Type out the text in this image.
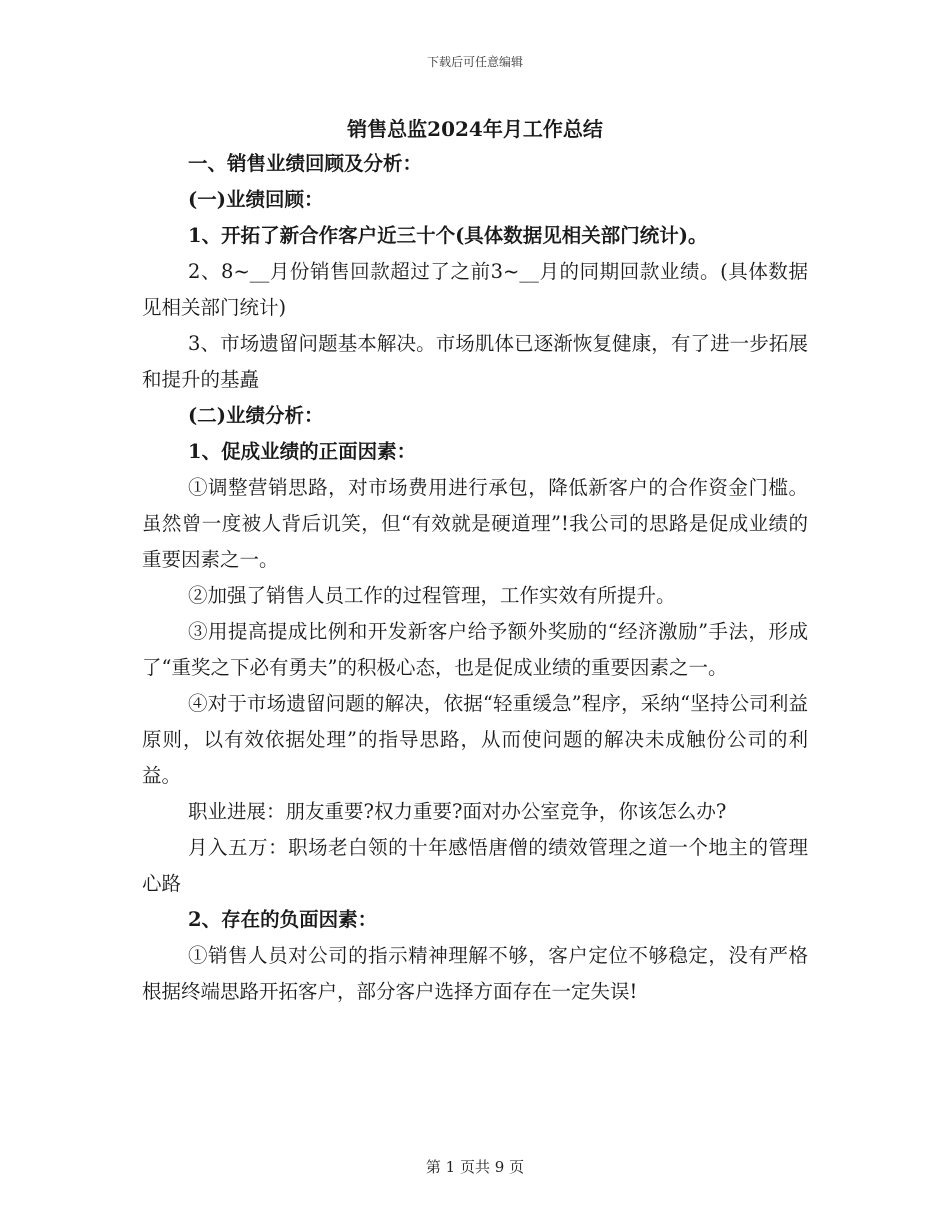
下载后可任意编辑
销售总监2024年月工作总结
一、销售业绩回顾及分析：
(一)业绩回顾：
1、开拓了新合作客户近三十个(具体数据见相关部门统计)。
2、8~__月份销售回款超过了之前3~__月的同期回款业绩。(具体数据见相关部门统计)
3、市场遗留问题基本解决。市场肌体已逐渐恢复健康，有了进一步拓展和提升的基矗
(二)业绩分析：
1、促成业绩的正面因素：
①调整营销思路，对市场费用进行承包，降低新客户的合作资金门槛。虽然曾一度被人背后讥笑，但“有效就是硬道理”!我公司的思路是促成业绩的重要因素之一。
②加强了销售人员工作的过程管理，工作实效有所提升。
③用提高提成比例和开发新客户给予额外奖励的“经济激励”手法，形成了“重奖之下必有勇夫”的积极心态，也是促成业绩的重要因素之一。
④对于市场遗留问题的解决，依据“轻重缓急”程序，采纳“坚持公司利益原则，以有效依据处理”的指导思路，从而使问题的解决未成触份公司的利益。
职业进展：朋友重要?权力重要?面对办公室竞争，你该怎么办?
月入五万：职场老白领的十年感悟唐僧的绩效管理之道一个地主的管理心路
2、存在的负面因素：
①销售人员对公司的指示精神理解不够，客户定位不够稳定，没有严格根据终端思路开拓客户，部分客户选择方面存在一定失误!
第 1 页共 9 页
